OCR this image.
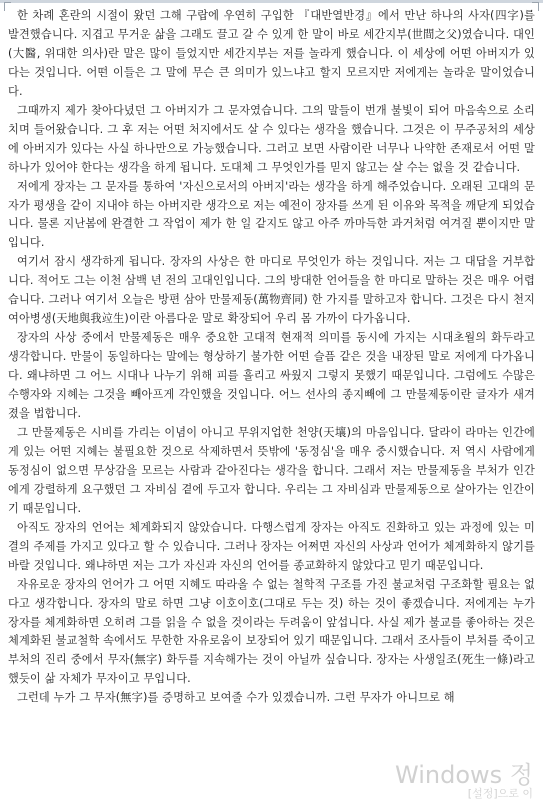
한 차례 혼란의 시절이 왔던 그해 구랍에 우연히 구입한 『대반열반경』에서 만난 하나의 사자(四字)를 발견했습니다. 지겹고 무거운 삶을 그래도 끌고 갈 수 있게 한 말이 바로 세간지부(世間之父)였습니다. 대인(大醫, 위대한 의사)란 말은 많이 들었지만 세간지부는 저를 놀라게 했습니다. 이 세상에 어떤 아버지가 있다는 것입니다. 어떤 이들은 그 말에 무슨 큰 의미가 있느냐고 할지 모르지만 저에게는 놀라운 말이었습니다.

그때까지 제가 찾아다녔던 그 아버지가 그 문자였습니다. 그의 말들이 번개 불빛이 되어 마음속으로 소리치며 들어왔습니다. 그 후 저는 어떤 처지에서도 살 수 있다는 생각을 했습니다. 그것은 이 무주공처의 세상에 아버지가 있다는 사실 하나만으로 가능했습니다. 그러고 보면 사람이란 너무나 나약한 존재로서 어떤 말 하나가 있어야 한다는 생각을 하게 됩니다. 도대체 그 무엇인가를 믿지 않고는 살 수는 없을 것 같습니다.

저에게 장자는 그 문자를 통하여 '자신으로서의 아버지'라는 생각을 하게 해주었습니다. 오래된 고대의 문자가 평생을 같이 지내야 하는 아버지란 생각으로 저는 예전이 장자를 쓰게 된 이유와 목적을 깨닫게 되었습니다. 물론 지난봄에 완결한 그 작업이 제가 한 일 같지도 않고 아주 까마득한 과거처럼 여겨질 뿐이지만 말입니다.

여기서 잠시 생각하게 됩니다. 장자의 사상은 한 마디로 무엇인가 하는 것입니다. 저는 그 대답을 거부합니다. 적어도 그는 이천 삼백 년 전의 고대인입니다. 그의 방대한 언어들을 한 마디로 말하는 것은 매우 어렵습니다. 그러나 여기서 오늘은 방편 삼아 만물제동(萬物齊同) 한 가지를 말하고자 합니다. 그것은 다시 천지여아병생(天地與我竝生)이란 아름다운 말로 확장되어 우리 몸 가까이 다가옵니다.

장자의 사상 중에서 만물제동은 매우 중요한 고대적 현재적 의미를 동시에 가지는 시대초월의 화두라고 생각합니다. 만물이 동일하다는 말에는 형상하기 불가한 어떤 슬픔 같은 것을 내장된 말로 저에게 다가옵니다. 왜냐하면 그 어느 시대나 나누기 위해 피를 흘리고 싸웠지 그렇지 못했기 때문입니다. 그럼에도 수많은 수행자와 지혜는 그것을 빼아프게 각인했을 것입니다. 어느 선사의 종지빼에 그 만물제동이란 글자가 새겨졌을 법합니다.

그 만물제동은 시비를 가리는 이념이 아니고 무위지업한 천양(天壤)의 마음입니다. 달라이 라마는 인간에게 있는 어떤 지혜는 불필요한 것으로 삭제하면서 뜻밖에 '동정심'을 매우 중시했습니다. 저 역시 사람에게 동정심이 없으면 무상감을 모르는 사람과 같아진다는 생각을 합니다. 그래서 저는 만물제동을 부처가 인간에게 강렬하게 요구했던 그 자비심 곁에 두고자 합니다. 우리는 그 자비심과 만물제동으로 살아가는 인간이기 때문입니다.

아직도 장자의 언어는 체계화되지 않았습니다. 다행스럽게 장자는 아직도 진화하고 있는 과정에 있는 미결의 주제를 가지고 있다고 할 수 있습니다. 그러나 장자는 어쩌면 자신의 사상과 언어가 체계화하지 않기를 바랄 것입니다. 왜냐하면 저는 그가 자신과 자신의 언어를 종교화하지 않았다고 믿기 때문입니다.

자유로운 장자의 언어가 그 어떤 지혜도 따라올 수 없는 철학적 구조를 가진 불교처럼 구조화할 필요는 없다고 생각합니다. 장자의 말로 하면 그냥 이호이호(그대로 두는 것) 하는 것이 좋겠습니다. 저에게는 누가 장자를 체계화하면 오히려 그를 읽을 수 없을 것이라는 두려움이 앞섭니다. 사실 제가 불교를 좋아하는 것은 체계화된 불교철학 속에서도 무한한 자유로움이 보장되어 있기 때문입니다. 그래서 조사들이 부처를 죽이고 부처의 진리 중에서 무자(無字) 화두를 지속해가는 것이 아닐까 싶습니다. 장자는 사생일조(死生一條)라고 했듯이 삶 자체가 무자이고 무입니다.

그런데 누가 그 무자(無字)를 증명하고 보여줄 수가 있겠습니까. 그런 무자가 아니므로 해

Windows 정
[설정]으로 이
